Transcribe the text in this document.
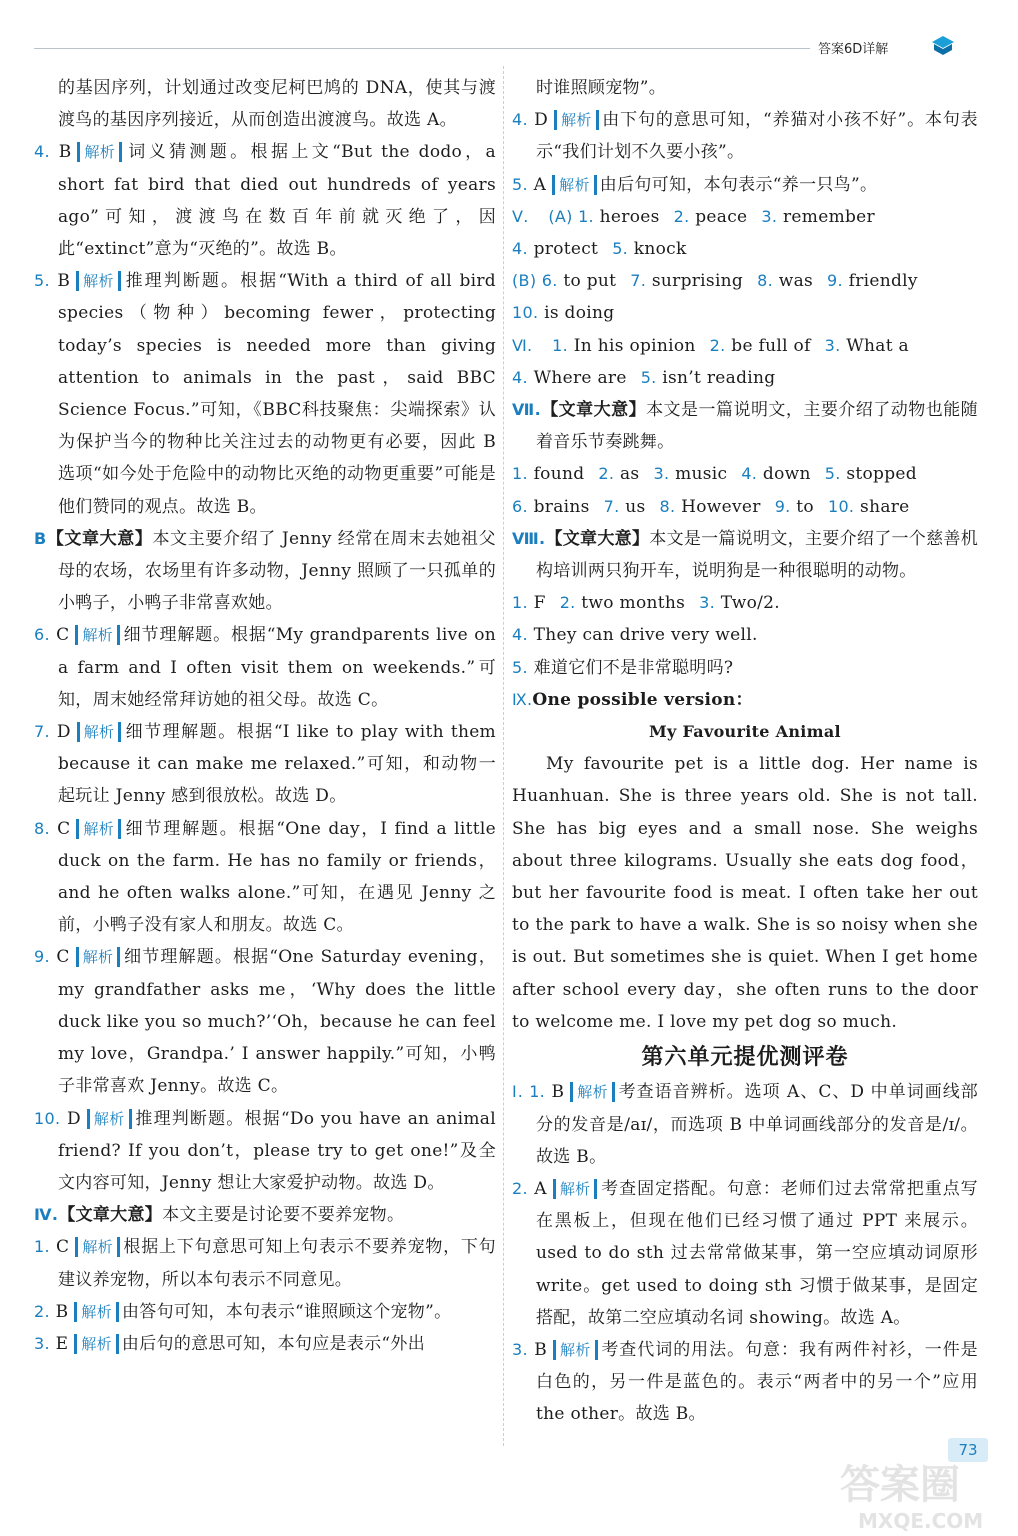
答案6D详解

的基因序列，计划通过改变尼柯巴鸠的 DNA，使其与渡渡鸟的基因序列接近，从而创造出渡渡鸟。故选 A。

4. B 解析 词义猜测题。根据上文“But the dodo，a short fat bird that died out hundreds of years ago”可知，渡渡鸟在数百年前就灭绝了，因此“extinct”意为“灭绝的”。故选 B。

5. B 解析 推理判断题。根据“With a third of all bird species（物种）becoming fewer，protecting today’s species is needed more than giving attention to animals in the past，said BBC Science Focus.”可知，《BBC科技聚焦：尖端探索》认为保护当今的物种比关注过去的动物更有必要，因此 B 选项“如今处于危险中的动物比灭绝的动物更重要”可能是他们赞同的观点。故选 B。

B【文章大意】本文主要介绍了 Jenny 经常在周末去她祖父母的农场，农场里有许多动物，Jenny 照顾了一只孤单的小鸭子，小鸭子非常喜欢她。

6. C 解析 细节理解题。根据“My grandparents live on a farm and I often visit them on weekends.”可知，周末她经常拜访她的祖父母。故选 C。

7. D 解析 细节理解题。根据“I like to play with them because it can make me relaxed.”可知，和动物一起玩让 Jenny 感到很放松。故选 D。

8. C 解析 细节理解题。根据“One day，I find a little duck on the farm. He has no family or friends，and he often walks alone.”可知，在遇见 Jenny 之前，小鸭子没有家人和朋友。故选 C。

9. C 解析 细节理解题。根据“One Saturday evening，my grandfather asks me，‘Why does the little duck like you so much?’‘Oh，because he can feel my love，Grandpa.’ I answer happily.”可知，小鸭子非常喜欢 Jenny。故选 C。

10. D 解析 推理判断题。根据“Do you have an animal friend? If you don’t，please try to get one!”及全文内容可知，Jenny 想让大家爱护动物。故选 D。

Ⅳ.【文章大意】本文主要是讨论要不要养宠物。

1. C 解析 根据上下句意思可知上句表示不要养宠物，下句建议养宠物，所以本句表示不同意见。

2. B 解析 由答句可知，本句表示“谁照顾这个宠物”。

3. E 解析 由后句的意思可知，本句应是表示“外出

时谁照顾宠物”。

4. D 解析 由下句的意思可知，“养猫对小孩不好”。本句表示“我们计划不久要小孩”。

5. A 解析 由后句可知，本句表示“养一只鸟”。

Ⅴ. (A) 1. heroes 2. peace 3. remember

4. protect 5. knock

(B) 6. to put 7. surprising 8. was 9. friendly

10. is doing

Ⅵ. 1. In his opinion 2. be full of 3. What a

4. Where are 5. isn’t reading

Ⅶ.【文章大意】本文是一篇说明文，主要介绍了动物也能随着音乐节奏跳舞。

1. found 2. as 3. music 4. down 5. stopped

6. brains 7. us 8. However 9. to 10. share

Ⅷ.【文章大意】本文是一篇说明文，主要介绍了一个慈善机构培训两只狗开车，说明狗是一种很聪明的动物。

1. F 2. two months 3. Two/2.

4. They can drive very well.

5. 难道它们不是非常聪明吗?

Ⅸ.One possible version：

My Favourite Animal

My favourite pet is a little dog. Her name is Huanhuan. She is three years old. She is not tall. She has big eyes and a small nose. She weighs about three kilograms. Usually she eats dog food，but her favourite food is meat. I often take her out to the park to have a walk. She is so noisy when she is out. But sometimes she is quiet. When I get home after school every day，she often runs to the door to welcome me. I love my pet dog so much.

第六单元提优测评卷

Ⅰ. 1. B 解析 考查语音辨析。选项 A、C、D 中单词画线部分的发音是/aɪ/，而选项 B 中单词画线部分的发音是/ɪ/。故选 B。

2. A 解析 考查固定搭配。句意：老师们过去常常把重点写在黑板上，但现在他们已经习惯了通过 PPT 来展示。used to do sth 过去常常做某事，第一空应填动词原形 write。get used to doing sth 习惯于做某事，是固定搭配，故第二空应填动名词 showing。故选 A。

3. B 解析 考查代词的用法。句意：我有两件衬衫，一件是白色的，另一件是蓝色的。表示“两者中的另一个”应用 the other。故选 B。

73
答案圈
MXQE.COM
